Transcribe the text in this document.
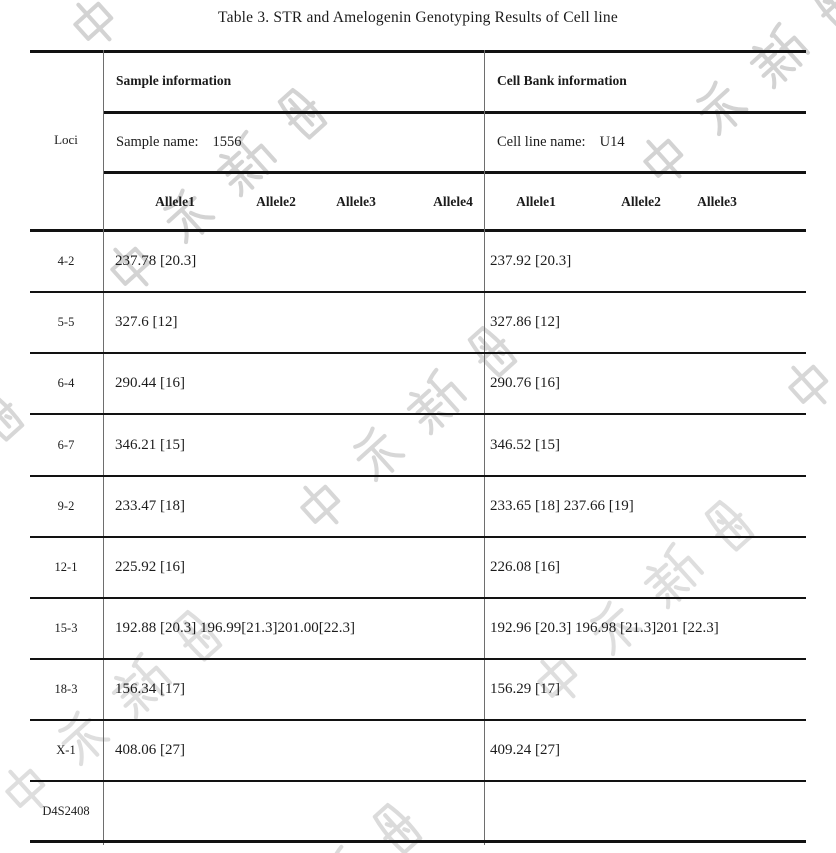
Table 3. STR and Amelogenin Genotyping Results of Cell line
Loci
Sample information	Cell Bank information
Sample name: 1556	Cell line name: U14
Allele1	Allele2	Allele3	Allele4	Allele1	Allele2	Allele3
4-2	237.78 [20.3]	237.92 [20.3]
5-5	327.6 [12]	327.86 [12]
6-4	290.44 [16]	290.76 [16]
6-7	346.21 [15]	346.52 [15]
9-2	233.47 [18]	233.65 [18] 237.66 [19]
12-1	225.92 [16]	226.08 [16]
15-3	192.88 [20.3] 196.99[21.3]201.00[22.3]	192.96 [20.3] 196.98 [21.3]201 [22.3]
18-3	156.34 [17]	156.29 [17]
X-1	408.06 [27]	409.24 [27]
D4S2408
